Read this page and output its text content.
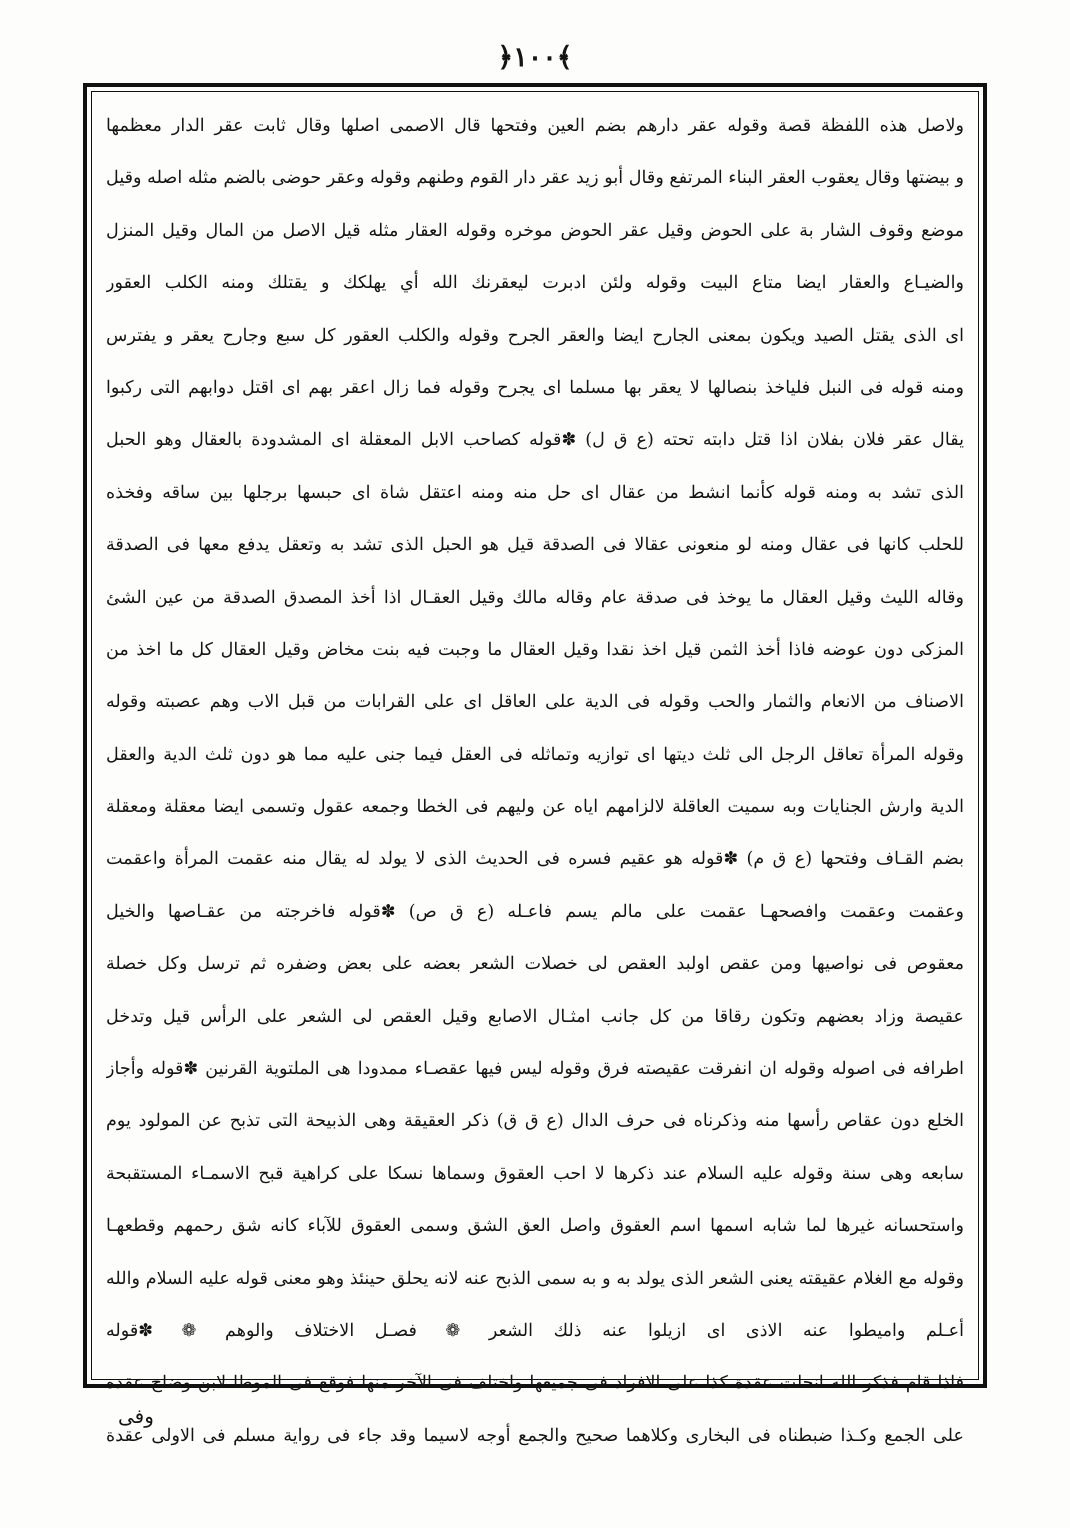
﴿١٠٠﴾
ولاصل هذه اللفظة قصة وقوله عقر دارهم بضم العين وفتحها قال الاصمى اصلها وقال ثابت عقر الدار معظمها
و بيضتها وقال يعقوب العقر البناء المرتفع وقال أبو زيد عقر دار القوم وطنهم وقوله وعقر حوضى بالضم مثله اصله وقيل
موضع وقوف الشار بة على الحوض وقيل عقر الحوض موخره وقوله العقار مثله قيل الاصل من المال وقيل المنزل
والضيـاع والعقار ايضا متاع البيت وقوله ولئن ادبرت ليعقرنك الله أي يهلكك و يقتلك ومنه الكلب العقور
اى الذى يقتل الصيد ويكون بمعنى الجارح ايضا والعقر الجرح وقوله والكلب العقور كل سبع وجارح يعقر و يفترس
ومنه قوله فى النبل فلياخذ بنصالها لا يعقر بها مسلما اى يجرح وقوله فما زال اعقر بهم اى اقتل دوابهم التى ركبوا
يقال عقر فلان بفلان اذا قتل دابته تحته (ع ق ل) ✽قوله كصاحب الابل المعقلة اى المشدودة بالعقال وهو الحبل
الذى تشد به ومنه قوله كأنما انشط من عقال اى حل منه ومنه اعتقل شاة اى حبسها برجلها بين ساقه وفخذه
للحلب كانها فى عقال ومنه لو منعونى عقالا فى الصدقة قيل هو الحبل الذى تشد به وتعقل يدفع معها فى الصدقة
وقاله الليث وقيل العقال ما يوخذ فى صدقة عام وقاله مالك وقيل العقـال اذا أخذ المصدق الصدقة من عين الشئ
المزكى دون عوضه فاذا أخذ الثمن قيل اخذ نقدا وقيل العقال ما وجبت فيه بنت مخاض وقيل العقال كل ما اخذ من
الاصناف من الانعام والثمار والحب وقوله فى الدية على العاقل اى على القرابات من قبل الاب وهم عصبته وقوله
وقوله المرأة تعاقل الرجل الى ثلث ديتها اى توازيه وتماثله فى العقل فيما جنى عليه مما هو دون ثلث الدية والعقل
الدية وارش الجنايات وبه سميت العاقلة لالزامهم اياه عن وليهم فى الخطا وجمعه عقول وتسمى ايضا معقلة ومعقلة
بضم القـاف وفتحها (ع ق م) ✽قوله هو عقيم فسره فى الحديث الذى لا يولد له يقال منه عقمت المرأة واعقمت
وعقمت وعقمت وافصحهـا عقمت على مالم يسم فاعـله (ع ق ص) ✽قوله فاخرجته من عقـاصها والخيل
معقوص فى نواصيها ومن عقص اولبد العقص لى خصلات الشعر بعضه على بعض وضفره ثم ترسل وكل خصلة
عقيصة وزاد بعضهم وتكون رقاقا من كل جانب امثـال الاصابع وقيل العقص لى الشعر على الرأس قيل وتدخل
اطرافه فى اصوله وقوله ان انفرقت عقيصته فرق وقوله ليس فيها عقصـاء ممدودا هى الملتوية القرنين ✽قوله وأجاز
الخلع دون عقاص رأسها منه وذكرناه فى حرف الدال (ع ق ق) ذكر العقيقة وهى الذبيحة التى تذبح عن المولود يوم
سابعه وهى سنة وقوله عليه السلام عند ذكرها لا احب العقوق وسماها نسكا على كراهية قبح الاسمـاء المستقبحة
واستحسانه غيرها لما شابه اسمها اسم العقوق واصل العق الشق وسمى العقوق للآباء كانه شق رحمهم وقطعهـا
وقوله مع الغلام عقيقته يعنى الشعر الذى يولد به و به سمى الذبح عنه لانه يحلق حينئذ وهو معنى قوله عليه السلام والله
أعـلم واميطوا عنه الاذى اى ازيلوا عنه ذلك الشعر ❁ فصـل الاختلاف والوهم ❁ ✽قوله
فاذا قام فذكر الله انحلت عقدة كذا على الافراد فى جميعها واختلف فى الآخر منها فوقع فى الموطا لابن وضاح عقده
على الجمع وكـذا ضبطناه فى البخارى وكلاهما صحيح والجمع أوجه لاسيما وقد جاء فى رواية مسلم فى الاولى عقدة
وفى
